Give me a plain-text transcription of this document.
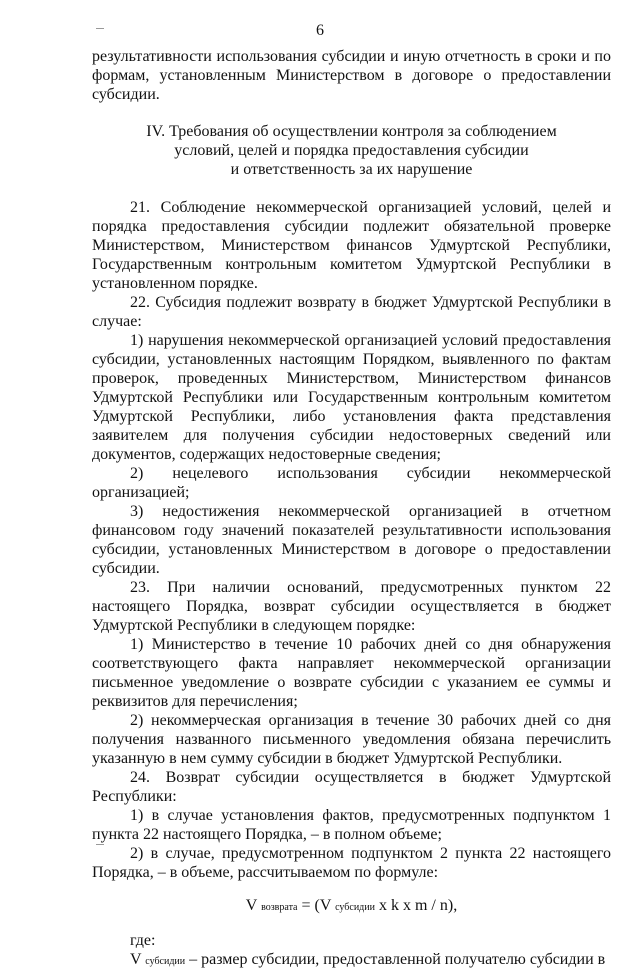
6

результативности использования субсидии и иную отчетность в сроки и по формам, установленным Министерством в договоре о предоставлении субсидии.

IV. Требования об осуществлении контроля за соблюдением
условий, целей и порядка предоставления субсидии
и ответственность за их нарушение

21. Соблюдение некоммерческой организацией условий, целей и порядка предоставления субсидии подлежит обязательной проверке Министерством, Министерством финансов Удмуртской Республики, Государственным контрольным комитетом Удмуртской Республики в установленном порядке.

22. Субсидия подлежит возврату в бюджет Удмуртской Республики в случае:

1) нарушения некоммерческой организацией условий предоставления субсидии, установленных настоящим Порядком, выявленного по фактам проверок, проведенных Министерством, Министерством финансов Удмуртской Республики или Государственным контрольным комитетом Удмуртской Республики, либо установления факта представления заявителем для получения субсидии недостоверных сведений или документов, содержащих недостоверные сведения;

2) нецелевого использования субсидии некоммерческой организацией;

3) недостижения некоммерческой организацией в отчетном финансовом году значений показателей результативности использования субсидии, установленных Министерством в договоре о предоставлении субсидии.

23. При наличии оснований, предусмотренных пунктом 22 настоящего Порядка, возврат субсидии осуществляется в бюджет Удмуртской Республики в следующем порядке:

1) Министерство в течение 10 рабочих дней со дня обнаружения соответствующего факта направляет некоммерческой организации письменное уведомление о возврате субсидии с указанием ее суммы и реквизитов для перечисления;

2) некоммерческая организация в течение 30 рабочих дней со дня получения названного письменного уведомления обязана перечислить указанную в нем сумму субсидии в бюджет Удмуртской Республики.

24. Возврат субсидии осуществляется в бюджет Удмуртской Республики:

1) в случае установления фактов, предусмотренных подпунктом 1 пункта 22 настоящего Порядка, – в полном объеме;

2) в случае, предусмотренном подпунктом 2 пункта 22 настоящего Порядка, – в объеме, рассчитываемом по формуле:

V возврата = (V субсидии x k x m / n),

где:

V субсидии – размер субсидии, предоставленной получателю субсидии в
